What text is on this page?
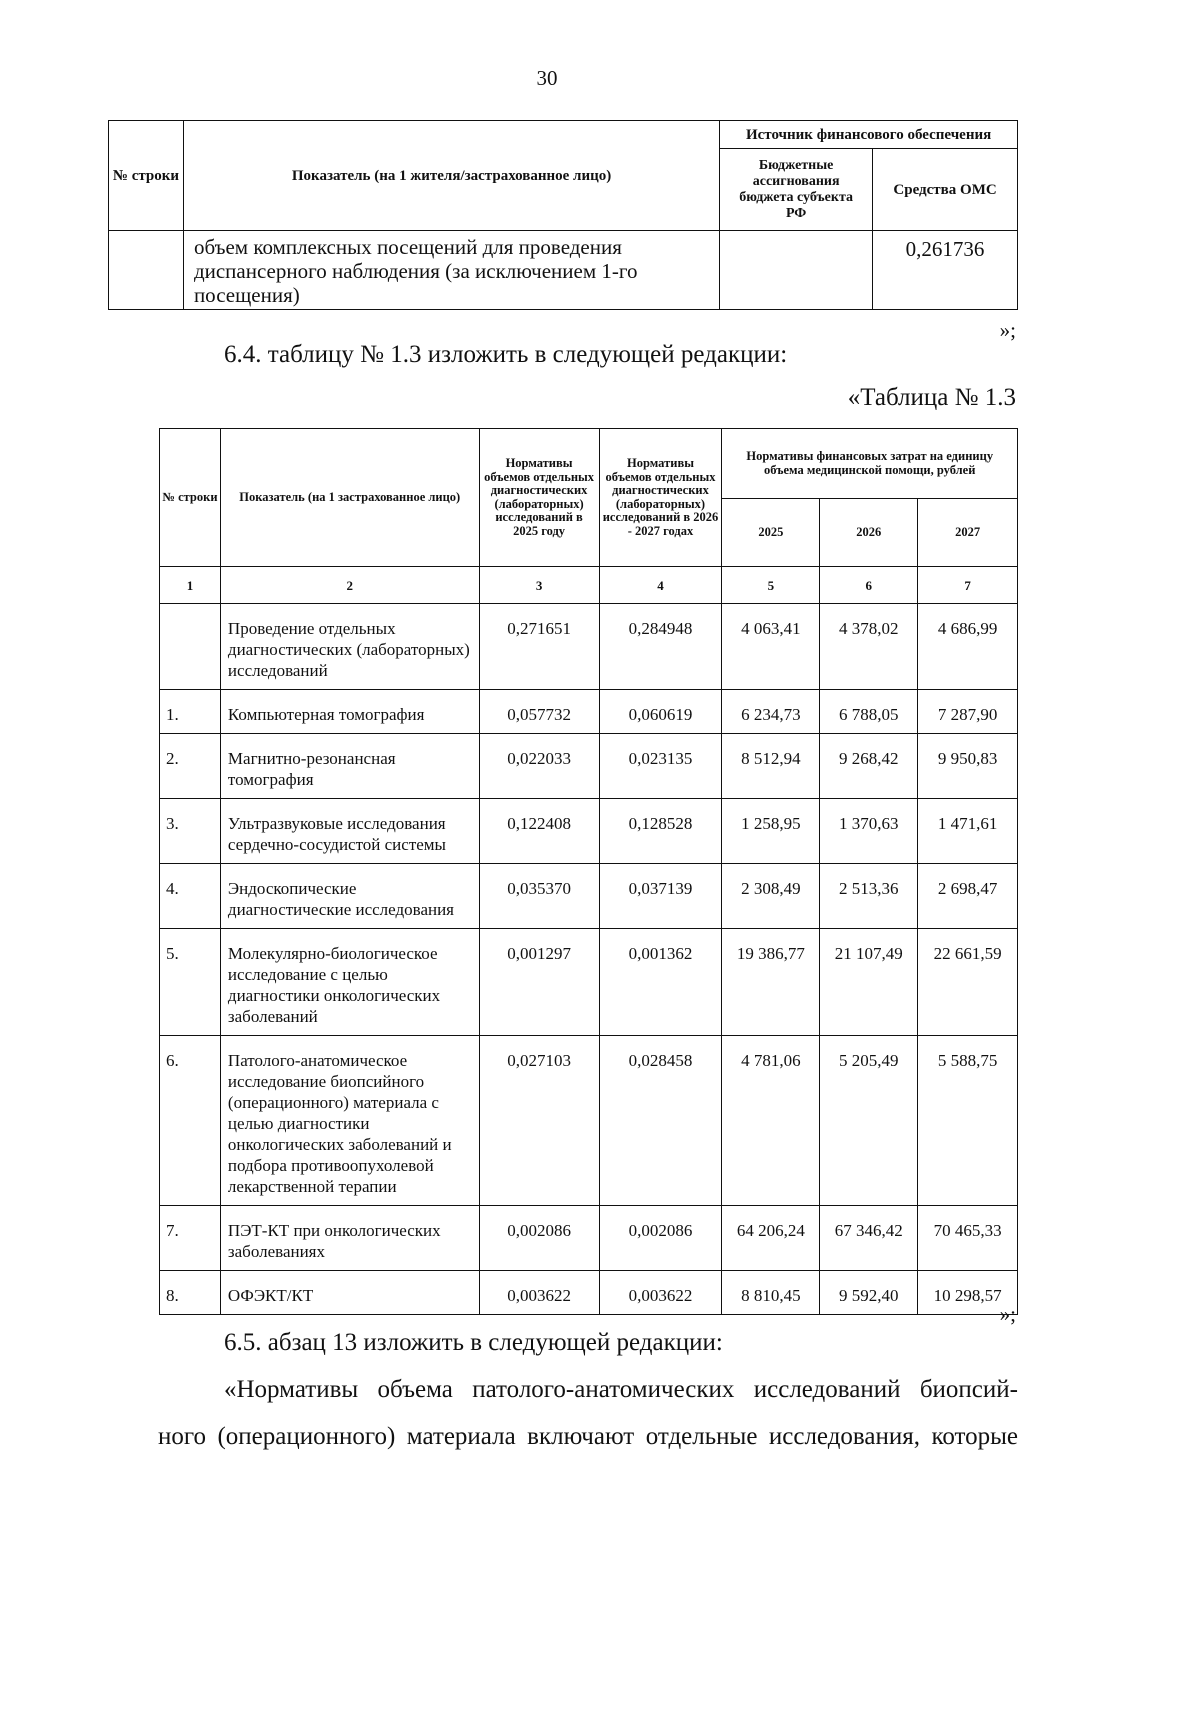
30
№ строки	Показатель (на 1 жителя/застрахованное лицо)	Источник финансового обеспечения	
		Бюджетные ассигнования бюджета субъекта РФ	Средства ОМС
	объем комплексных посещений для проведения диспансерного наблюдения (за исключением 1-го посещения)		0,261736
»;
6.4. таблицу № 1.3 изложить в следующей редакции:
«Таблица № 1.3
№ строки	Показатель (на 1 застрахованное лицо)	Нормативы объемов отдельных диагностических (лабораторных) исследований в 2025 году	Нормативы объемов отдельных диагностических (лабораторных) исследований в 2026 - 2027 годах	Нормативы финансовых затрат на единицу объема медицинской помощи, рублей		
				2025	2026	2027
1	2	3	4	5	6	7
	Проведение отдельных диагностических (лабораторных) исследований	0,271651	0,284948	4 063,41	4 378,02	4 686,99
1.	Компьютерная томография	0,057732	0,060619	6 234,73	6 788,05	7 287,90
2.	Магнитно-резонансная томография	0,022033	0,023135	8 512,94	9 268,42	9 950,83
3.	Ультразвуковые исследования сердечно-сосудистой системы	0,122408	0,128528	1 258,95	1 370,63	1 471,61
4.	Эндоскопические диагностические исследования	0,035370	0,037139	2 308,49	2 513,36	2 698,47
5.	Молекулярно-биологическое исследование с целью диагностики онкологических заболеваний	0,001297	0,001362	19 386,77	21 107,49	22 661,59
6.	Патолого-анатомическое исследование биопсийного (операционного) материала с целью диагностики онкологических заболеваний и подбора противоопухолевой лекарственной терапии	0,027103	0,028458	4 781,06	5 205,49	5 588,75
7.	ПЭТ-КТ при онкологических заболеваниях	0,002086	0,002086	64 206,24	67 346,42	70 465,33
8.	ОФЭКТ/КТ	0,003622	0,003622	8 810,45	9 592,40	10 298,57
»;
6.5. абзац 13 изложить в следующей редакции:
«Нормативы объема патолого-анатомических исследований биопсий-
ного (операционного) материала включают отдельные исследования, которые
